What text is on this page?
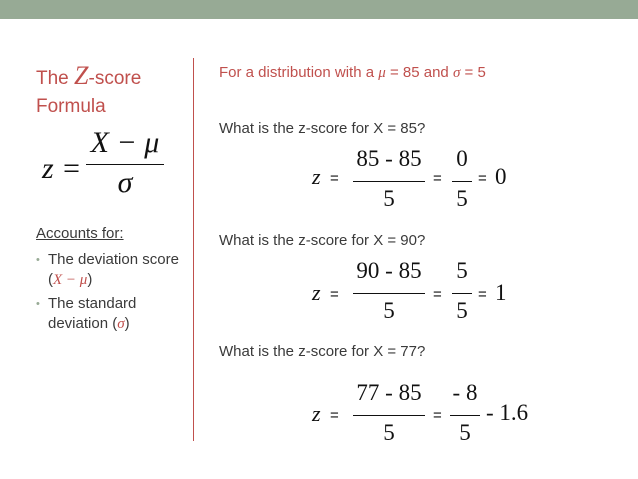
The Z-score
Formula
z =
X − μ
σ
Accounts for:
• The deviation score (X − μ)
• The standard deviation (σ)
For a distribution with a μ = 85 and σ = 5
What is the z-score for X = 85?
z =
85 - 85
5
=
0
5
= 0
What is the z-score for X = 90?
z =
90 - 85
5
=
5
5
= 1
What is the z-score for X = 77?
z =
77 - 85
5
=
- 8
5
- 1.6
